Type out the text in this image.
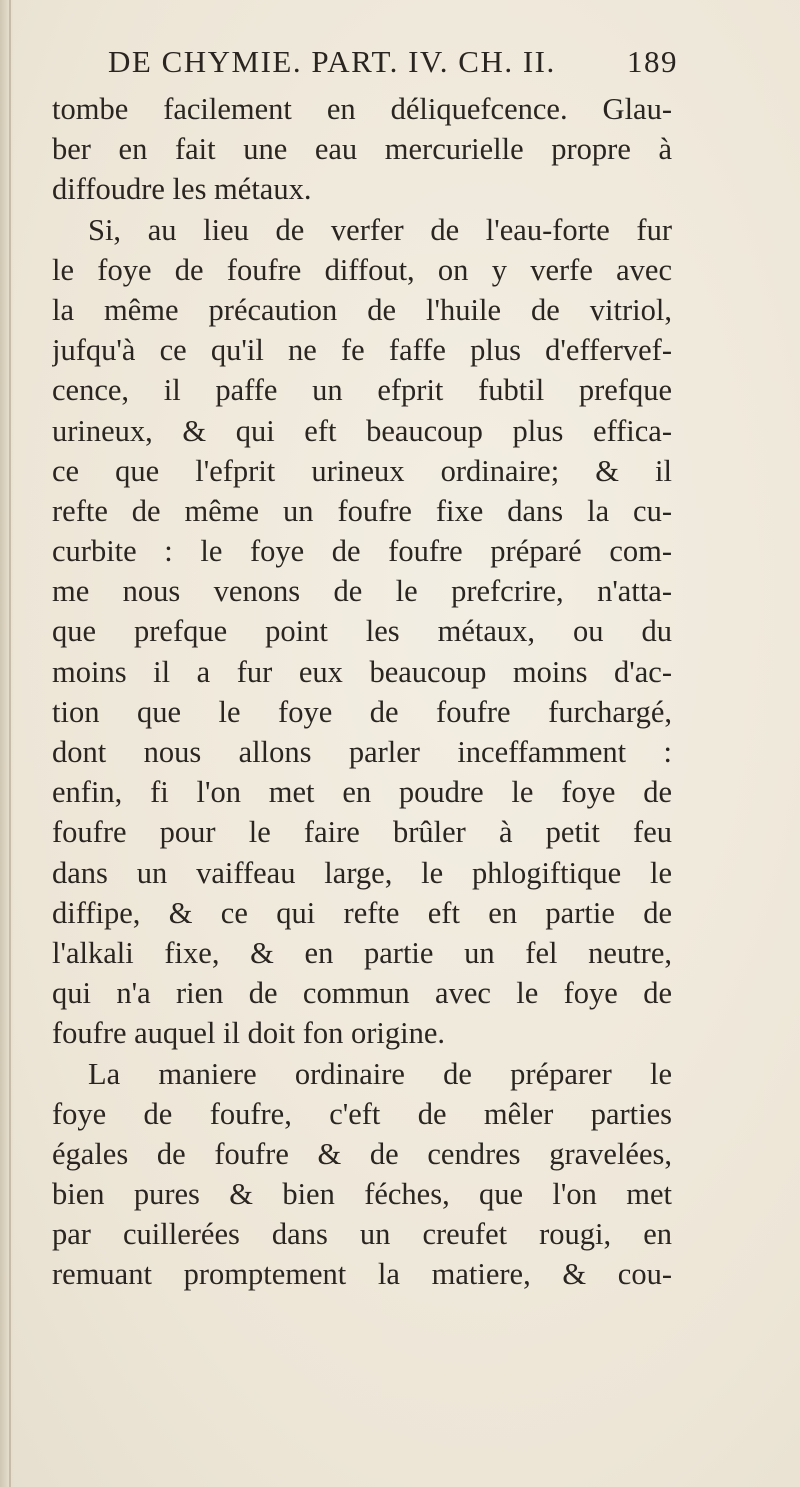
DE CHYMIE. PART. IV. CH. II. 189
tombe facilement en déliquefcence. Glau-
ber en fait une eau mercurielle propre à
diffoudre les métaux.
Si, au lieu de verfer de l'eau-forte fur
le foye de foufre diffout, on y verfe avec
la même précaution de l'huile de vitriol,
jufqu'à ce qu'il ne fe faffe plus d'effervef-
cence, il paffe un efprit fubtil prefque
urineux, & qui eft beaucoup plus effica-
ce que l'efprit urineux ordinaire; & il
refte de même un foufre fixe dans la cu-
curbite : le foye de foufre préparé com-
me nous venons de le prefcrire, n'atta-
que prefque point les métaux, ou du
moins il a fur eux beaucoup moins d'ac-
tion que le foye de foufre furchargé,
dont nous allons parler inceffamment :
enfin, fi l'on met en poudre le foye de
foufre pour le faire brûler à petit feu
dans un vaiffeau large, le phlogiftique le
diffipe, & ce qui refte eft en partie de
l'alkali fixe, & en partie un fel neutre,
qui n'a rien de commun avec le foye de
foufre auquel il doit fon origine.
La maniere ordinaire de préparer le
foye de foufre, c'eft de mêler parties
égales de foufre & de cendres gravelées,
bien pures & bien féches, que l'on met
par cuillerées dans un creufet rougi, en
remuant promptement la matiere, & cou-
